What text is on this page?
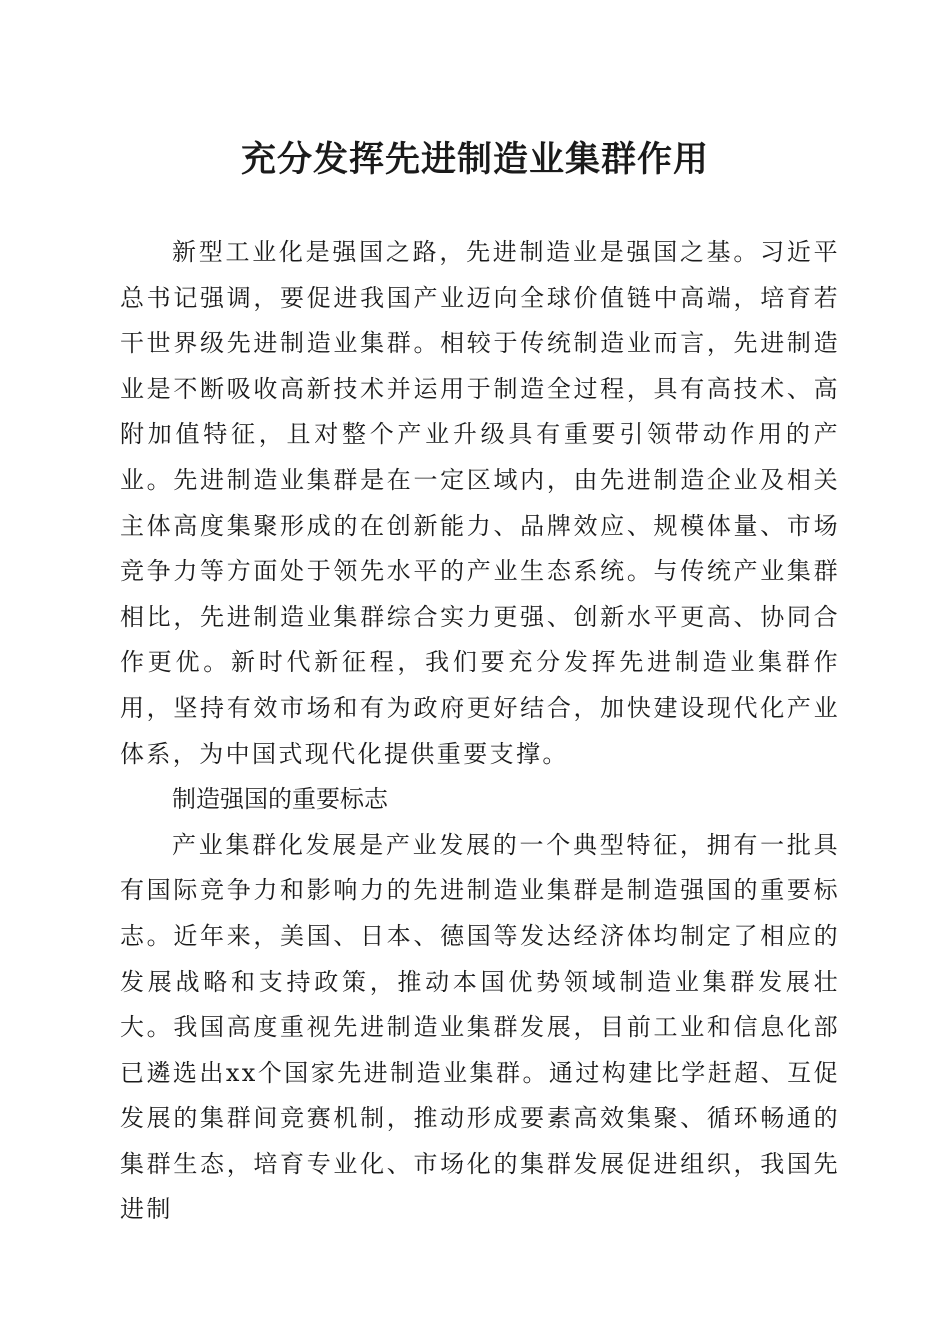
充分发挥先进制造业集群作用

新型工业化是强国之路，先进制造业是强国之基。习近平总书记强调，要促进我国产业迈向全球价值链中高端，培育若干世界级先进制造业集群。相较于传统制造业而言，先进制造业是不断吸收高新技术并运用于制造全过程，具有高技术、高附加值特征，且对整个产业升级具有重要引领带动作用的产业。先进制造业集群是在一定区域内，由先进制造企业及相关主体高度集聚形成的在创新能力、品牌效应、规模体量、市场竞争力等方面处于领先水平的产业生态系统。与传统产业集群相比，先进制造业集群综合实力更强、创新水平更高、协同合作更优。新时代新征程，我们要充分发挥先进制造业集群作用，坚持有效市场和有为政府更好结合，加快建设现代化产业体系，为中国式现代化提供重要支撑。

制造强国的重要标志

产业集群化发展是产业发展的一个典型特征，拥有一批具有国际竞争力和影响力的先进制造业集群是制造强国的重要标志。近年来，美国、日本、德国等发达经济体均制定了相应的发展战略和支持政策，推动本国优势领域制造业集群发展壮大。我国高度重视先进制造业集群发展，目前工业和信息化部已遴选出xx个国家先进制造业集群。通过构建比学赶超、互促发展的集群间竞赛机制，推动形成要素高效集聚、循环畅通的集群生态，培育专业化、市场化的集群发展促进组织，我国先进制
